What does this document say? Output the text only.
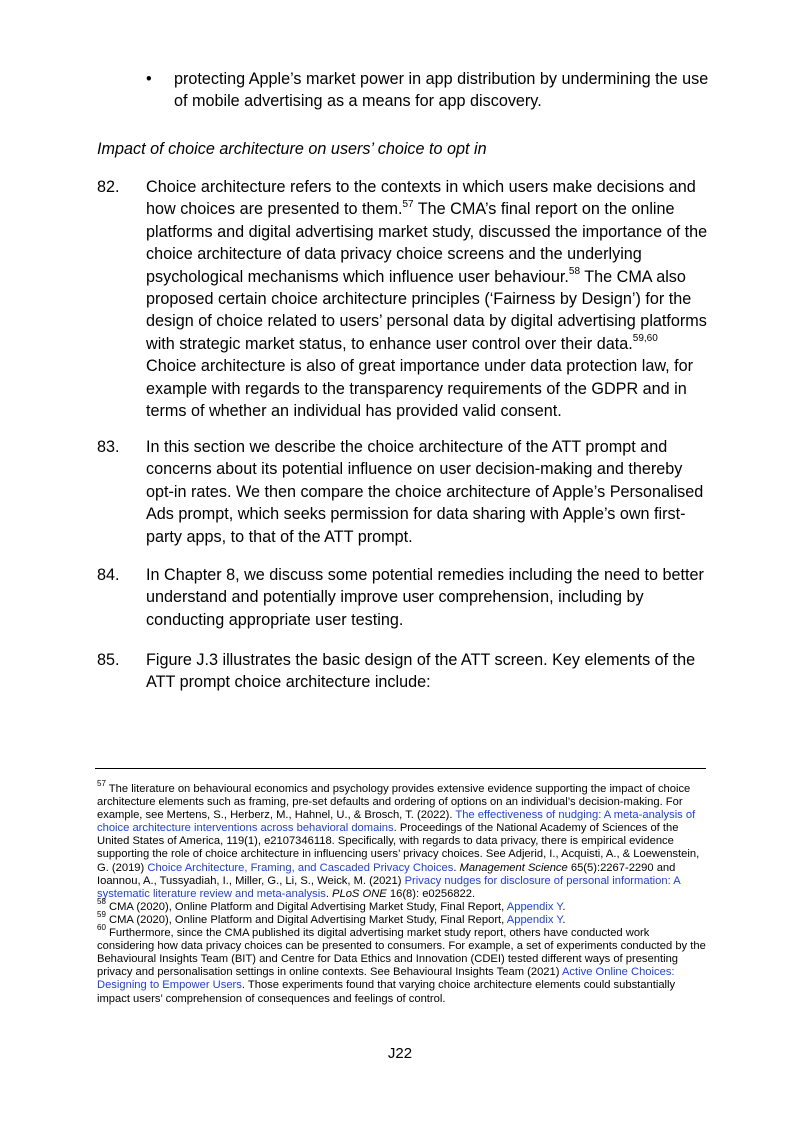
• protecting Apple’s market power in app distribution by undermining the use of mobile advertising as a means for app discovery.
Impact of choice architecture on users’ choice to opt in
82. Choice architecture refers to the contexts in which users make decisions and how choices are presented to them.$^{57}$ The CMA’s final report on the online platforms and digital advertising market study, discussed the importance of the choice architecture of data privacy choice screens and the underlying psychological mechanisms which influence user behaviour.$^{58}$ The CMA also proposed certain choice architecture principles (‘Fairness by Design’) for the design of choice related to users’ personal data by digital advertising platforms with strategic market status, to enhance user control over their data.$^{59,60}$ Choice architecture is also of great importance under data protection law, for example with regards to the transparency requirements of the GDPR and in terms of whether an individual has provided valid consent.
83. In this section we describe the choice architecture of the ATT prompt and concerns about its potential influence on user decision-making and thereby opt-in rates. We then compare the choice architecture of Apple’s Personalised Ads prompt, which seeks permission for data sharing with Apple’s own first-party apps, to that of the ATT prompt.
84. In Chapter 8, we discuss some potential remedies including the need to better understand and potentially improve user comprehension, including by conducting appropriate user testing.
85. Figure J.3 illustrates the basic design of the ATT screen. Key elements of the ATT prompt choice architecture include:

$^{57}$ The literature on behavioural economics and psychology provides extensive evidence supporting the impact of choice architecture elements such as framing, pre-set defaults and ordering of options on an individual’s decision-making. For example, see Mertens, S., Herberz, M., Hahnel, U., & Brosch, T. (2022). The effectiveness of nudging: A meta-analysis of choice architecture interventions across behavioral domains. Proceedings of the National Academy of Sciences of the United States of America, 119(1), e2107346118. Specifically, with regards to data privacy, there is empirical evidence supporting the role of choice architecture in influencing users’ privacy choices. See Adjerid, I., Acquisti, A., & Loewenstein, G. (2019) Choice Architecture, Framing, and Cascaded Privacy Choices. Management Science 65(5):2267-2290 and Ioannou, A., Tussyadiah, I., Miller, G., Li, S., Weick, M. (2021) Privacy nudges for disclosure of personal information: A systematic literature review and meta-analysis. PLoS ONE 16(8): e0256822.

$^{58}$ CMA (2020), Online Platform and Digital Advertising Market Study, Final Report, Appendix Y.

$^{59}$ CMA (2020), Online Platform and Digital Advertising Market Study, Final Report, Appendix Y.

$^{60}$ Furthermore, since the CMA published its digital advertising market study report, others have conducted work considering how data privacy choices can be presented to consumers. For example, a set of experiments conducted by the Behavioural Insights Team (BIT) and Centre for Data Ethics and Innovation (CDEI) tested different ways of presenting privacy and personalisation settings in online contexts. See Behavioural Insights Team (2021) Active Online Choices: Designing to Empower Users. Those experiments found that varying choice architecture elements could substantially impact users’ comprehension of consequences and feelings of control.

J22
